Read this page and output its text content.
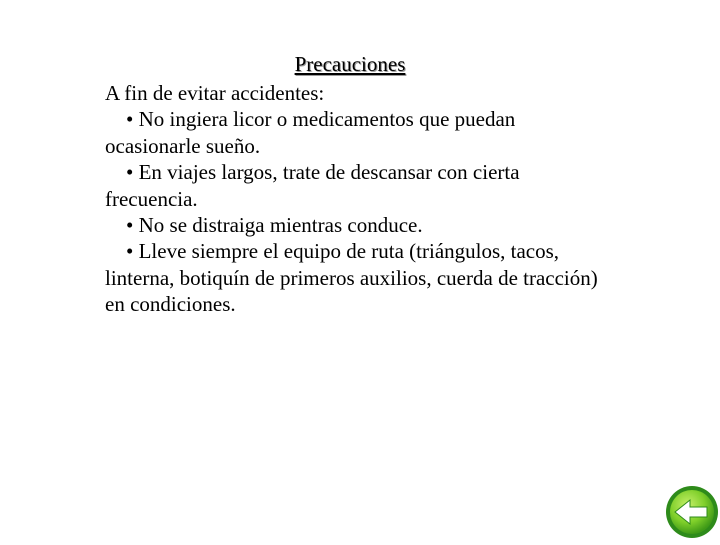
Precauciones

A fin de evitar accidentes:

• No ingiera licor o medicamentos que puedan ocasionarle sueño.

• En viajes largos, trate de descansar con cierta frecuencia.

• No se distraiga mientras conduce.

• Lleve siempre el equipo de ruta (triángulos, tacos, linterna, botiquín de primeros auxilios, cuerda de tracción) en condiciones.
